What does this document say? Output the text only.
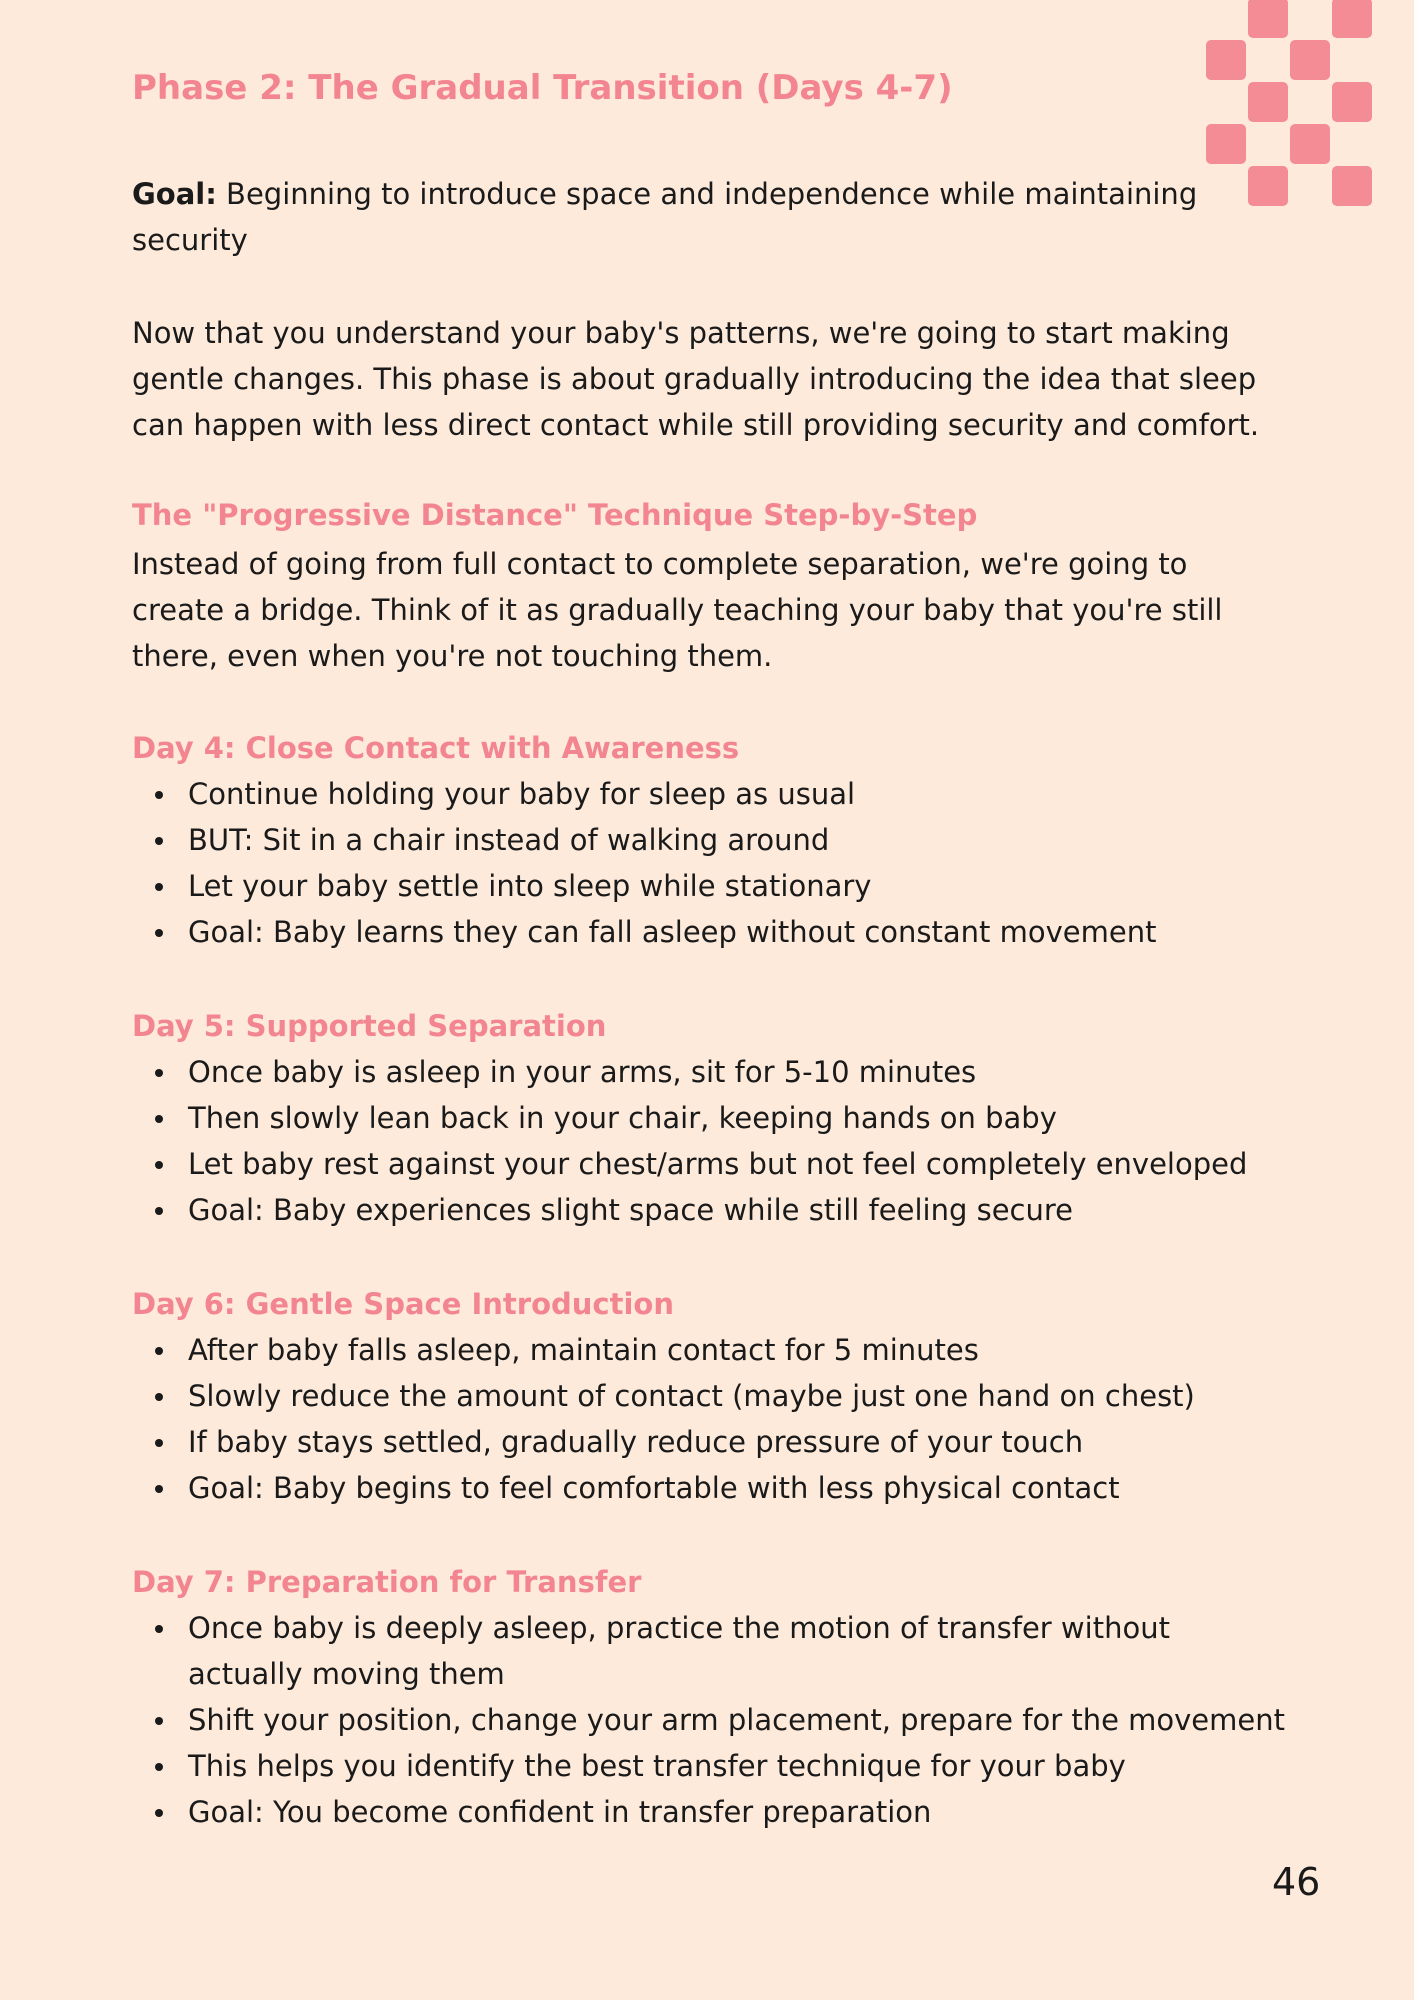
Phase 2: The Gradual Transition (Days 4-7)

Goal: Beginning to introduce space and independence while maintaining security

Now that you understand your baby's patterns, we're going to start making gentle changes. This phase is about gradually introducing the idea that sleep can happen with less direct contact while still providing security and comfort.

The "Progressive Distance" Technique Step-by-Step

Instead of going from full contact to complete separation, we're going to create a bridge. Think of it as gradually teaching your baby that you're still there, even when you're not touching them.

Day 4: Close Contact with Awareness
Continue holding your baby for sleep as usual
BUT: Sit in a chair instead of walking around
Let your baby settle into sleep while stationary
Goal: Baby learns they can fall asleep without constant movement
Day 5: Supported Separation
Once baby is asleep in your arms, sit for 5-10 minutes
Then slowly lean back in your chair, keeping hands on baby
Let baby rest against your chest/arms but not feel completely enveloped
Goal: Baby experiences slight space while still feeling secure
Day 6: Gentle Space Introduction
After baby falls asleep, maintain contact for 5 minutes
Slowly reduce the amount of contact (maybe just one hand on chest)
If baby stays settled, gradually reduce pressure of your touch
Goal: Baby begins to feel comfortable with less physical contact
Day 7: Preparation for Transfer
Once baby is deeply asleep, practice the motion of transfer without actually moving them
Shift your position, change your arm placement, prepare for the movement
This helps you identify the best transfer technique for your baby
Goal: You become confident in transfer preparation
46
